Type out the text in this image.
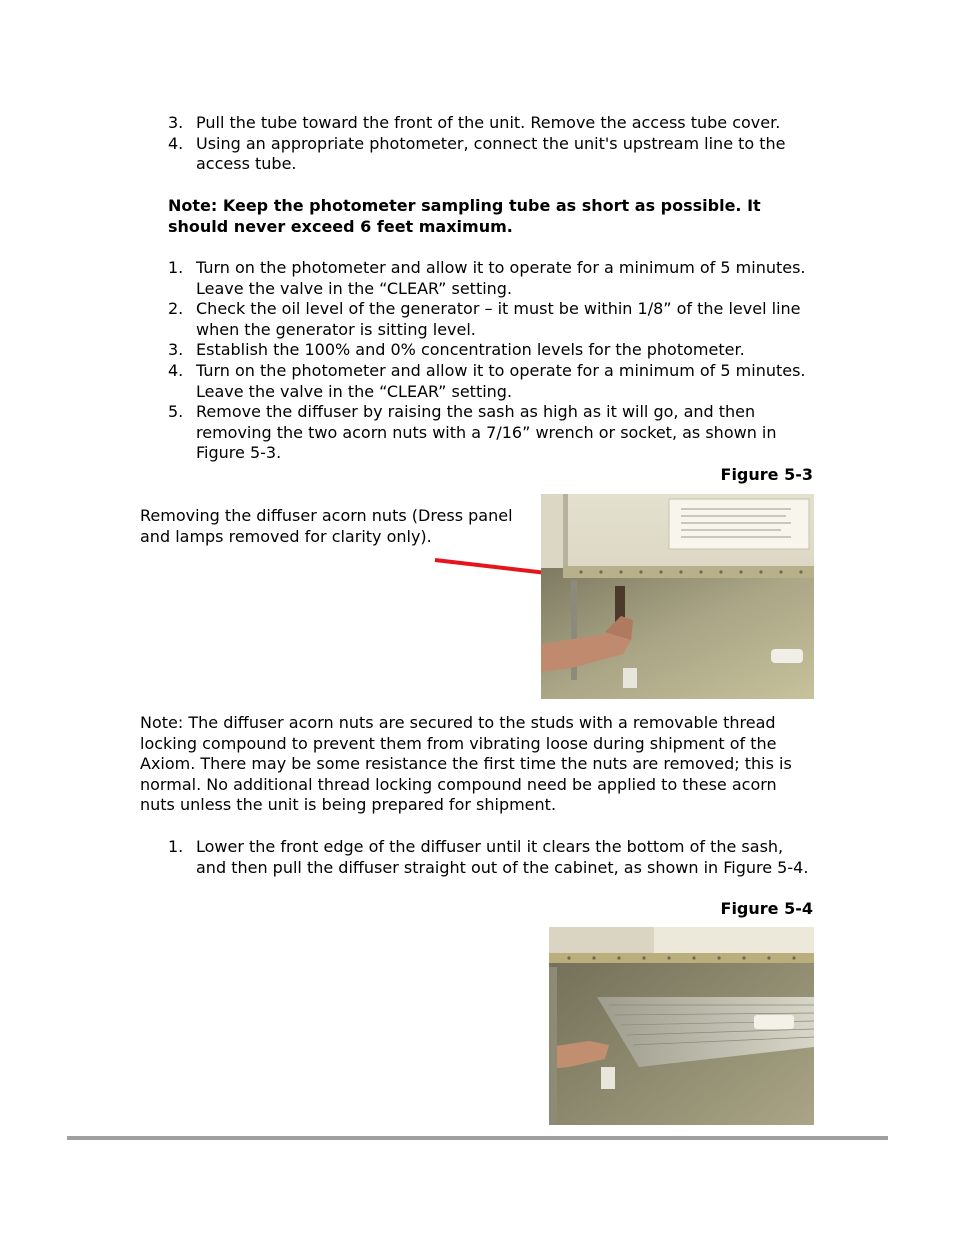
3. Pull the tube toward the front of the unit. Remove the access tube cover.
4. Using an appropriate photometer, connect the unit's upstream line to the access tube.
Note: Keep the photometer sampling tube as short as possible. It should never exceed 6 feet maximum.
1. Turn on the photometer and allow it to operate for a minimum of 5 minutes. Leave the valve in the “CLEAR” setting.
2. Check the oil level of the generator – it must be within 1/8” of the level line when the generator is sitting level.
3. Establish the 100% and 0% concentration levels for the photometer.
4. Turn on the photometer and allow it to operate for a minimum of 5 minutes. Leave the valve in the “CLEAR” setting.
5. Remove the diffuser by raising the sash as high as it will go, and then removing the two acorn nuts with a 7/16” wrench or socket, as shown in Figure 5-3.
Figure 5-3
Removing the diffuser acorn nuts (Dress panel and lamps removed for clarity only).
Note: The diffuser acorn nuts are secured to the studs with a removable thread locking compound to prevent them from vibrating loose during shipment of the Axiom. There may be some resistance the first time the nuts are removed; this is normal. No additional thread locking compound need be applied to these acorn nuts unless the unit is being prepared for shipment.
1. Lower the front edge of the diffuser until it clears the bottom of the sash, and then pull the diffuser straight out of the cabinet, as shown in Figure 5-4.
Figure 5-4
